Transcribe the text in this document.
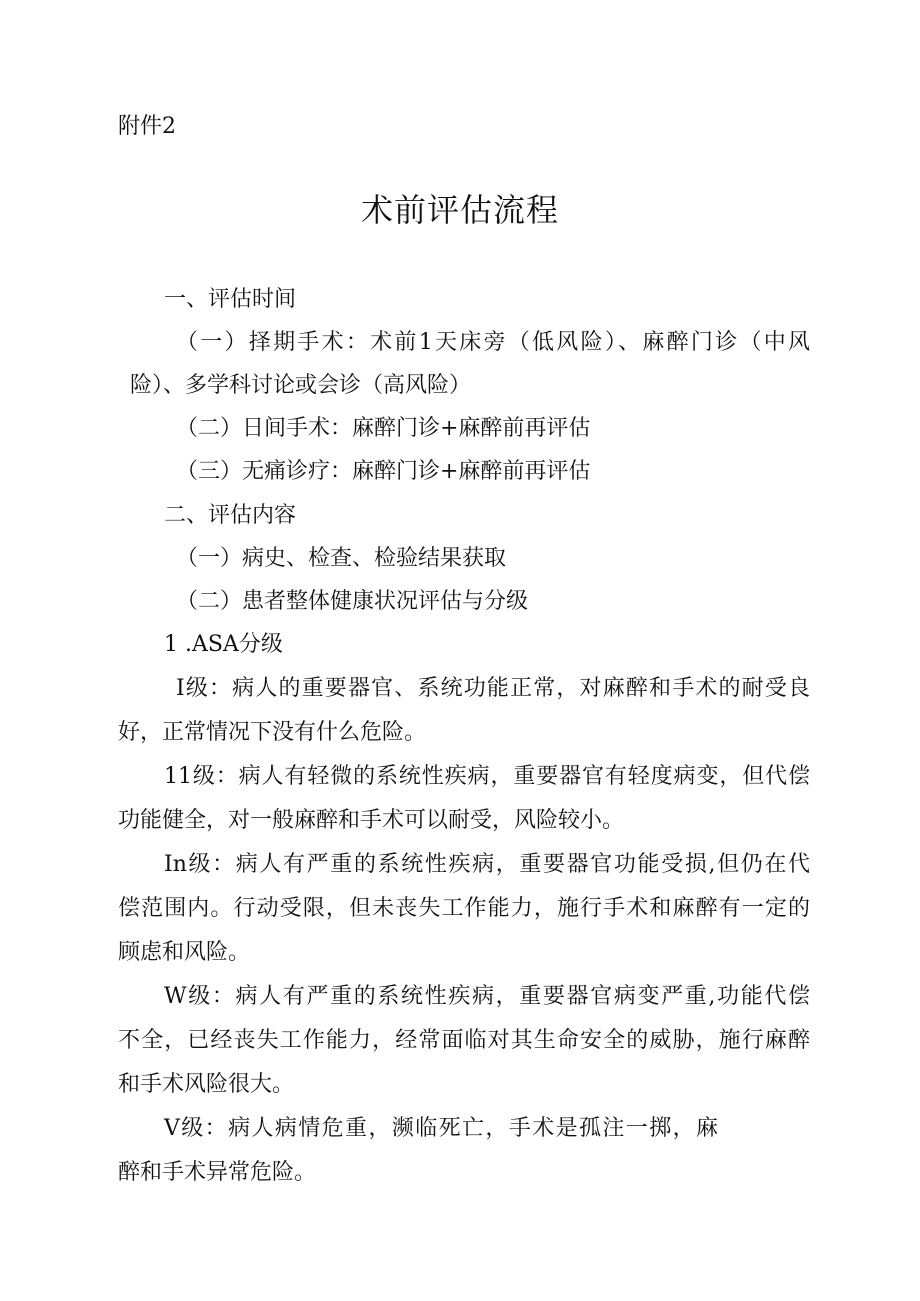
附件2
术前评估流程
一、评估时间
（一）择期手术：术前1天床旁（低风险）、麻醉门诊（中风
险）、多学科讨论或会诊（高风险）
（二）日间手术：麻醉门诊+麻醉前再评估
（三）无痛诊疗：麻醉门诊+麻醉前再评估
二、评估内容
（一）病史、检查、检验结果获取
（二）患者整体健康状况评估与分级
1 .ASA分级
I级：病人的重要器官、系统功能正常，对麻醉和手术的耐受良
好，正常情况下没有什么危险。
11级：病人有轻微的系统性疾病，重要器官有轻度病变，但代偿
功能健全，对一般麻醉和手术可以耐受，风险较小。
In级：病人有严重的系统性疾病，重要器官功能受损,但仍在代
偿范围内。行动受限，但未丧失工作能力，施行手术和麻醉有一定的
顾虑和风险。
W级：病人有严重的系统性疾病，重要器官病变严重,功能代偿
不全，已经丧失工作能力，经常面临对其生命安全的威胁，施行麻醉
和手术风险很大。
V级：病人病情危重，濒临死亡，手术是孤注一掷，麻
醉和手术异常危险。
